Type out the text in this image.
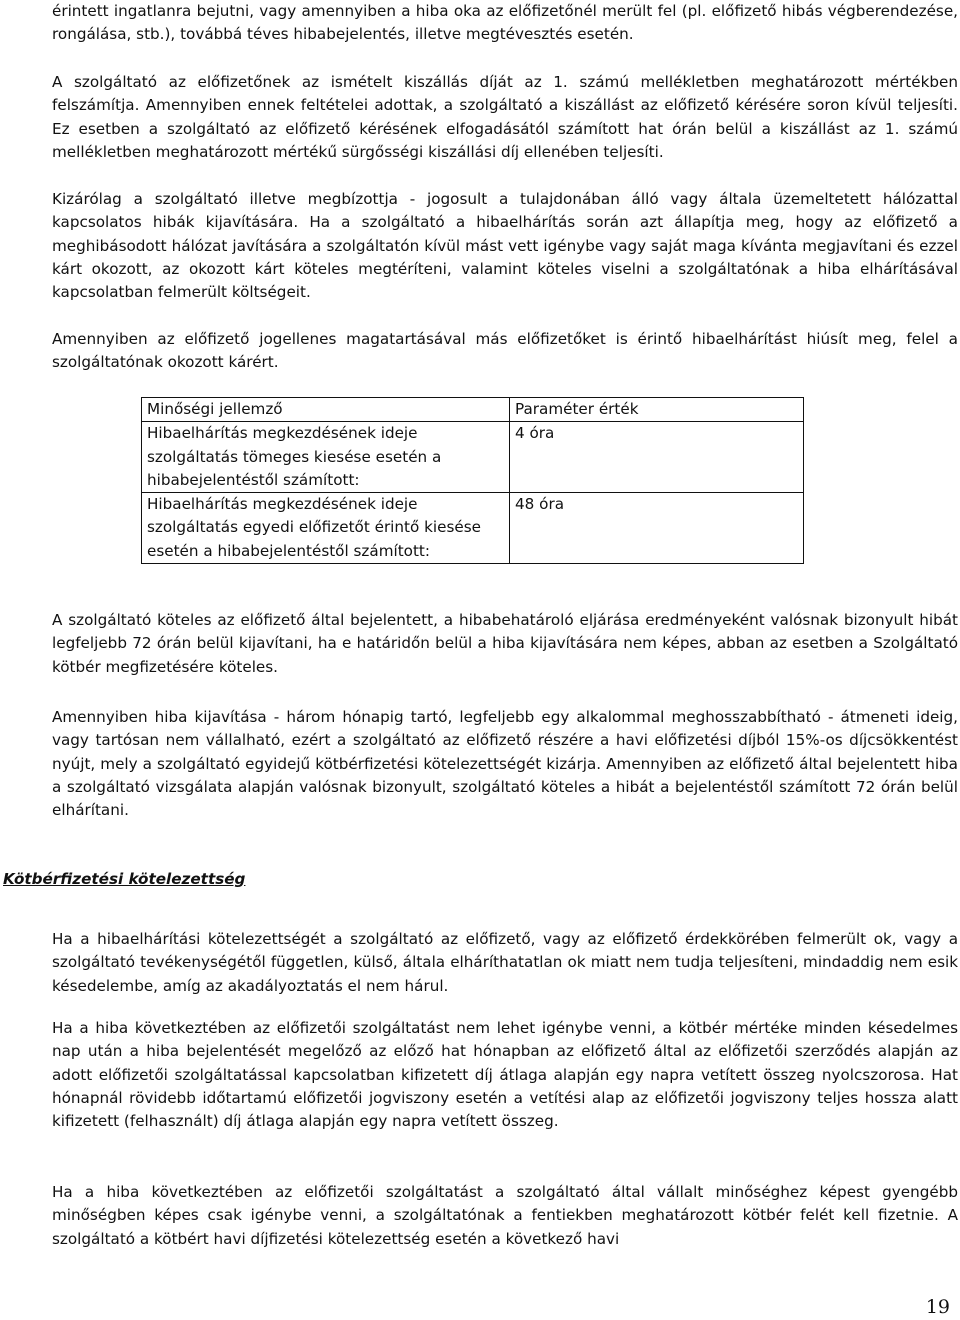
érintett ingatlanra bejutni, vagy amennyiben a hiba oka az előfizetőnél merült fel (pl. előfizető hibás végberendezése, rongálása, stb.), továbbá téves hibabejelentés, illetve megtévesztés esetén.

A szolgáltató az előfizetőnek az ismételt kiszállás díját az 1. számú mellékletben meghatározott mértékben felszámítja. Amennyiben ennek feltételei adottak, a szolgáltató a kiszállást az előfizető kérésére soron kívül teljesíti. Ez esetben a szolgáltató az előfizető kérésének elfogadásától számított hat órán belül a kiszállást az 1. számú mellékletben meghatározott mértékű sürgősségi kiszállási díj ellenében teljesíti.

Kizárólag a szolgáltató illetve megbízottja - jogosult a tulajdonában álló vagy általa üzemeltetett hálózattal kapcsolatos hibák kijavítására. Ha a szolgáltató a hibaelhárítás során azt állapítja meg, hogy az előfizető a meghibásodott hálózat javítására a szolgáltatón kívül mást vett igénybe vagy saját maga kívánta megjavítani és ezzel kárt okozott, az okozott kárt köteles megtéríteni, valamint köteles viselni a szolgáltatónak a hiba elhárításával kapcsolatban felmerült költségeit.

Amennyiben az előfizető jogellenes magatartásával más előfizetőket is érintő hibaelhárítást hiúsít meg, felel a szolgáltatónak okozott kárért.

Minőségi jellemző	Paraméter érték
Hibaelhárítás megkezdésének ideje szolgáltatás tömeges kiesése esetén a hibabejelentéstől számított:	4 óra
Hibaelhárítás megkezdésének ideje szolgáltatás egyedi előfizetőt érintő kiesése esetén a hibabejelentéstől számított:	48 óra

A szolgáltató köteles az előfizető által bejelentett, a hibabehatároló eljárása eredményeként valósnak bizonyult hibát legfeljebb 72 órán belül kijavítani, ha e határidőn belül a hiba kijavítására nem képes, abban az esetben a Szolgáltató kötbér megfizetésére köteles.

Amennyiben hiba kijavítása - három hónapig tartó, legfeljebb egy alkalommal meghosszabbítható - átmeneti ideig, vagy tartósan nem vállalható, ezért a szolgáltató az előfizető részére a havi előfizetési díjból 15%-os díjcsökkentést nyújt, mely a szolgáltató egyidejű kötbérfizetési kötelezettségét kizárja. Amennyiben az előfizető által bejelentett hiba a szolgáltató vizsgálata alapján valósnak bizonyult, szolgáltató köteles a hibát a bejelentéstől számított 72 órán belül elhárítani.

Kötbérfizetési kötelezettség

Ha a hibaelhárítási kötelezettségét a szolgáltató az előfizető, vagy az előfizető érdekkörében felmerült ok, vagy a szolgáltató tevékenységétől független, külső, általa elháríthatatlan ok miatt nem tudja teljesíteni, mindaddig nem esik késedelembe, amíg az akadályoztatás el nem hárul.

Ha a hiba következtében az előfizetői szolgáltatást nem lehet igénybe venni, a kötbér mértéke minden késedelmes nap után a hiba bejelentését megelőző az előző hat hónapban az előfizető által az előfizetői szerződés alapján az adott előfizetői szolgáltatással kapcsolatban kifizetett díj átlaga alapján egy napra vetített összeg nyolcszorosa. Hat hónapnál rövidebb időtartamú előfizetői jogviszony esetén a vetítési alap az előfizetői jogviszony teljes hossza alatt kifizetett (felhasznált) díj átlaga alapján egy napra vetített összeg.

Ha a hiba következtében az előfizetői szolgáltatást a szolgáltató által vállalt minőséghez képest gyengébb minőségben képes csak igénybe venni, a szolgáltatónak a fentiekben meghatározott kötbér felét kell fizetnie. A szolgáltató a kötbért havi díjfizetési kötelezettség esetén a következő havi

19
